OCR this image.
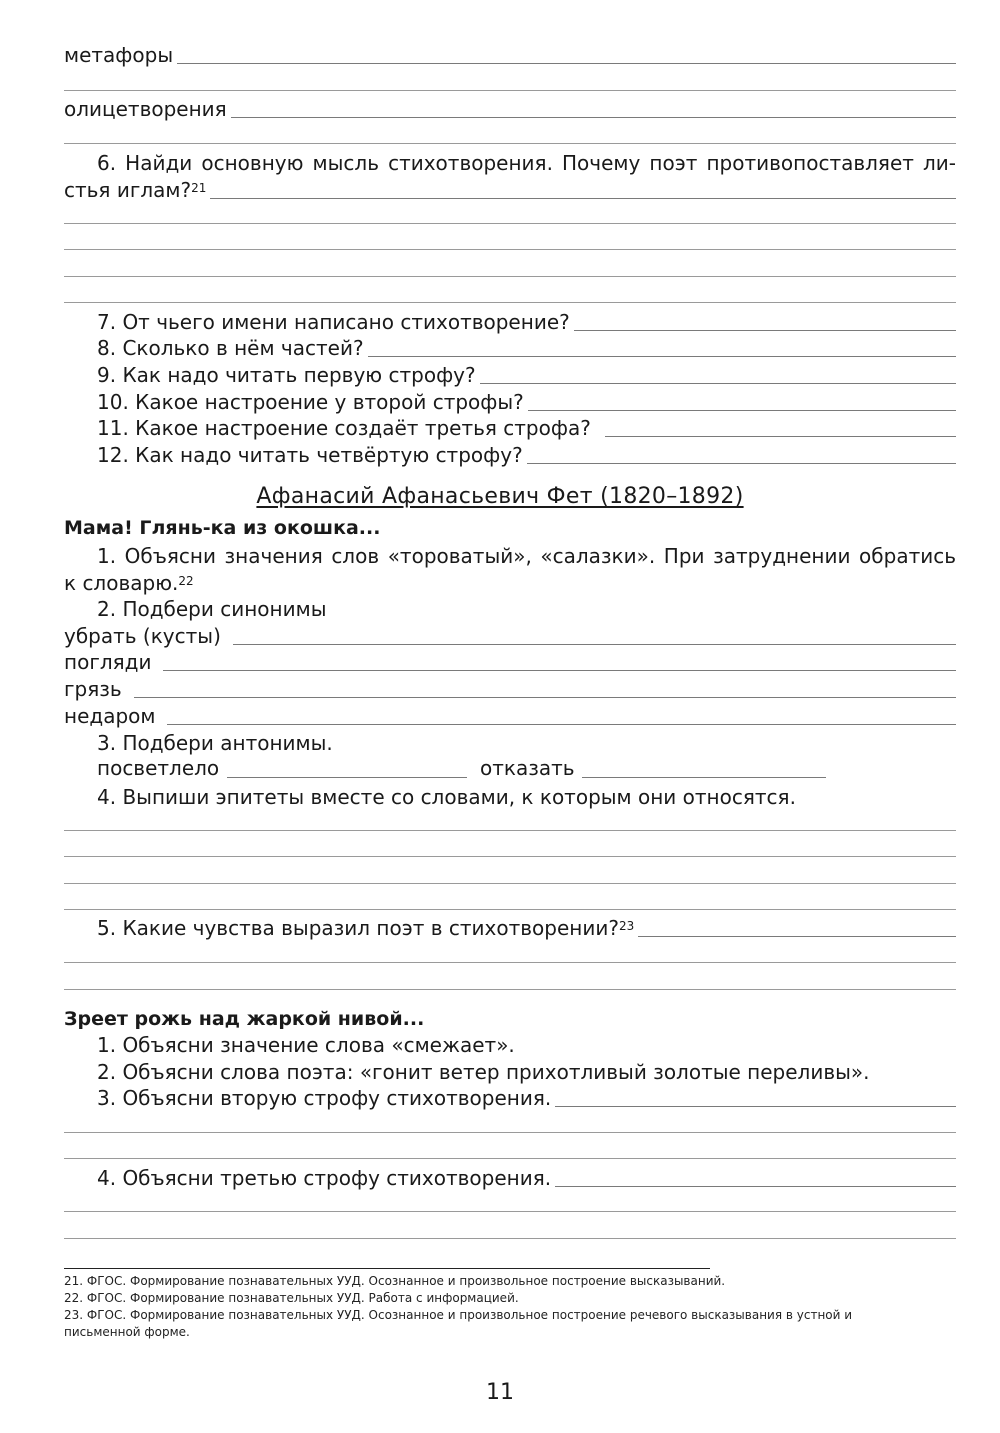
метафоры
олицетворения
6. Найди основную мысль стихотворения. Почему поэт противопоставляет ли-
стья иглам?$^{21}$
7. От чьего имени написано стихотворение?
8. Сколько в нём частей?
9. Как надо читать первую строфу?
10. Какое настроение у второй строфы?
11. Какое настроение создаёт третья строфа?
12. Как надо читать четвёртую строфу?
Афанасий Афанасьевич Фет (1820–1892)
Мама! Глянь-ка из окошка...
1. Объясни значения слов «тороватый», «салазки». При затруднении обратись
к словарю.$^{22}$
2. Подбери синонимы
убрать (кусты)
погляди
грязь
недаром
3. Подбери антонимы.
посветлело	отказать
4. Выпиши эпитеты вместе со словами, к которым они относятся.
5. Какие чувства выразил поэт в стихотворении?$^{23}$
Зреет рожь над жаркой нивой...
1. Объясни значение слова «смежает».
2. Объясни слова поэта: «гонит ветер прихотливый золотые переливы».
3. Объясни вторую строфу стихотворения.
4. Объясни третью строфу стихотворения.
21. ФГОС. Формирование познавательных УУД. Осознанное и произвольное построение высказываний.
22. ФГОС. Формирование познавательных УУД. Работа с информацией.
23. ФГОС. Формирование познавательных УУД. Осознанное и произвольное построение речевого высказывания в устной и
письменной форме.
11
